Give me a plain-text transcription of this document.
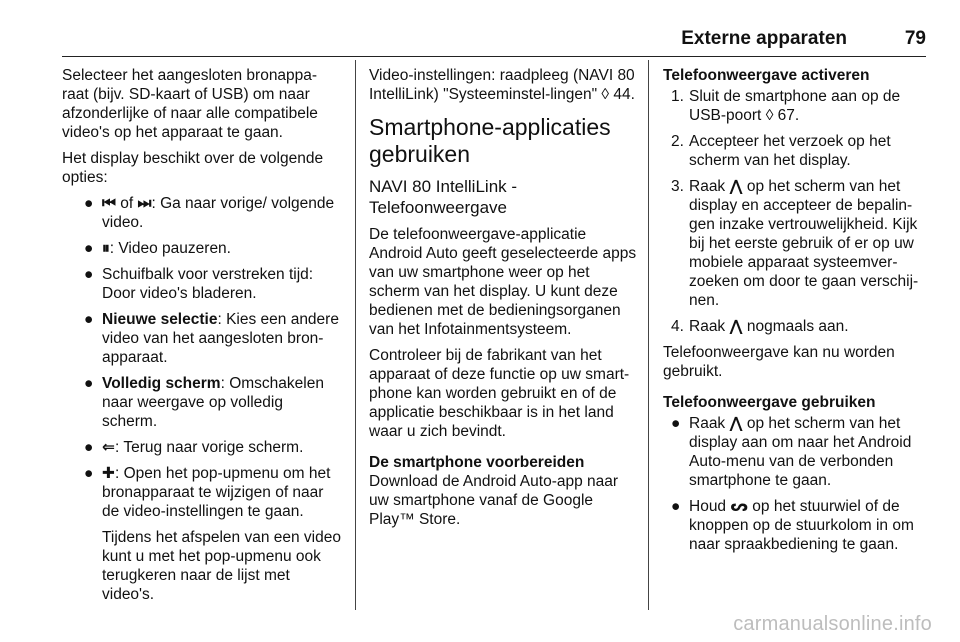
Externe apparaten	79

Selecteer het aangesloten bronappa-raat (bijv. SD-kaart of USB) om naar afzonderlijke of naar alle compatibele video's op het apparaat te gaan.

Het display beschikt over de volgende opties:

● ⏮ of ⏭: Ga naar vorige/ volgende video.
● ⏸: Video pauzeren.
● Schuifbalk voor verstreken tijd: Door video's bladeren.
● Nieuwe selectie: Kies een andere video van het aangesloten bron-apparaat.
● Volledig scherm: Omschakelen naar weergave op volledig scherm.
● ⇐: Terug naar vorige scherm.
● ✚: Open het pop-upmenu om het bronapparaat te wijzigen of naar de video-instellingen te gaan.

Tijdens het afspelen van een video kunt u met het pop-upmenu ook terugkeren naar de lijst met video's.

Video-instellingen: raadpleeg (NAVI 80 IntelliLink) "Systeeminstel-lingen" ◊ 44.

Smartphone-applicaties gebruiken
NAVI 80 IntelliLink - Telefoonweergave

De telefoonweergave-applicatie Android Auto geeft geselecteerde apps van uw smartphone weer op het scherm van het display. U kunt deze bedienen met de bedieningsorganen van het Infotainmentsysteem.

Controleer bij de fabrikant van het apparaat of deze functie op uw smart-phone kan worden gebruikt en of de applicatie beschikbaar is in het land waar u zich bevindt.

De smartphone voorbereiden

Download de Android Auto-app naar uw smartphone vanaf de Google Play™ Store.

Telefoonweergave activeren

1. Sluit de smartphone aan op de USB-poort ◊ 67.
2. Accepteer het verzoek op het scherm van het display.
3. Raak ⋀ op het scherm van het display en accepteer de bepalin-gen inzake vertrouwelijkheid. Kijk bij het eerste gebruik of er op uw mobiele apparaat systeemver-zoeken om door te gaan verschij-nen.
4. Raak ⋀ nogmaals aan.

Telefoonweergave kan nu worden gebruikt.

Telefoonweergave gebruiken

● Raak ⋀ op het scherm van het display aan om naar het Android Auto-menu van de verbonden smartphone te gaan.
● Houd ᔕ op het stuurwiel of de knoppen op de stuurkolom in om naar spraakbediening te gaan.
carmanualsonline.info
